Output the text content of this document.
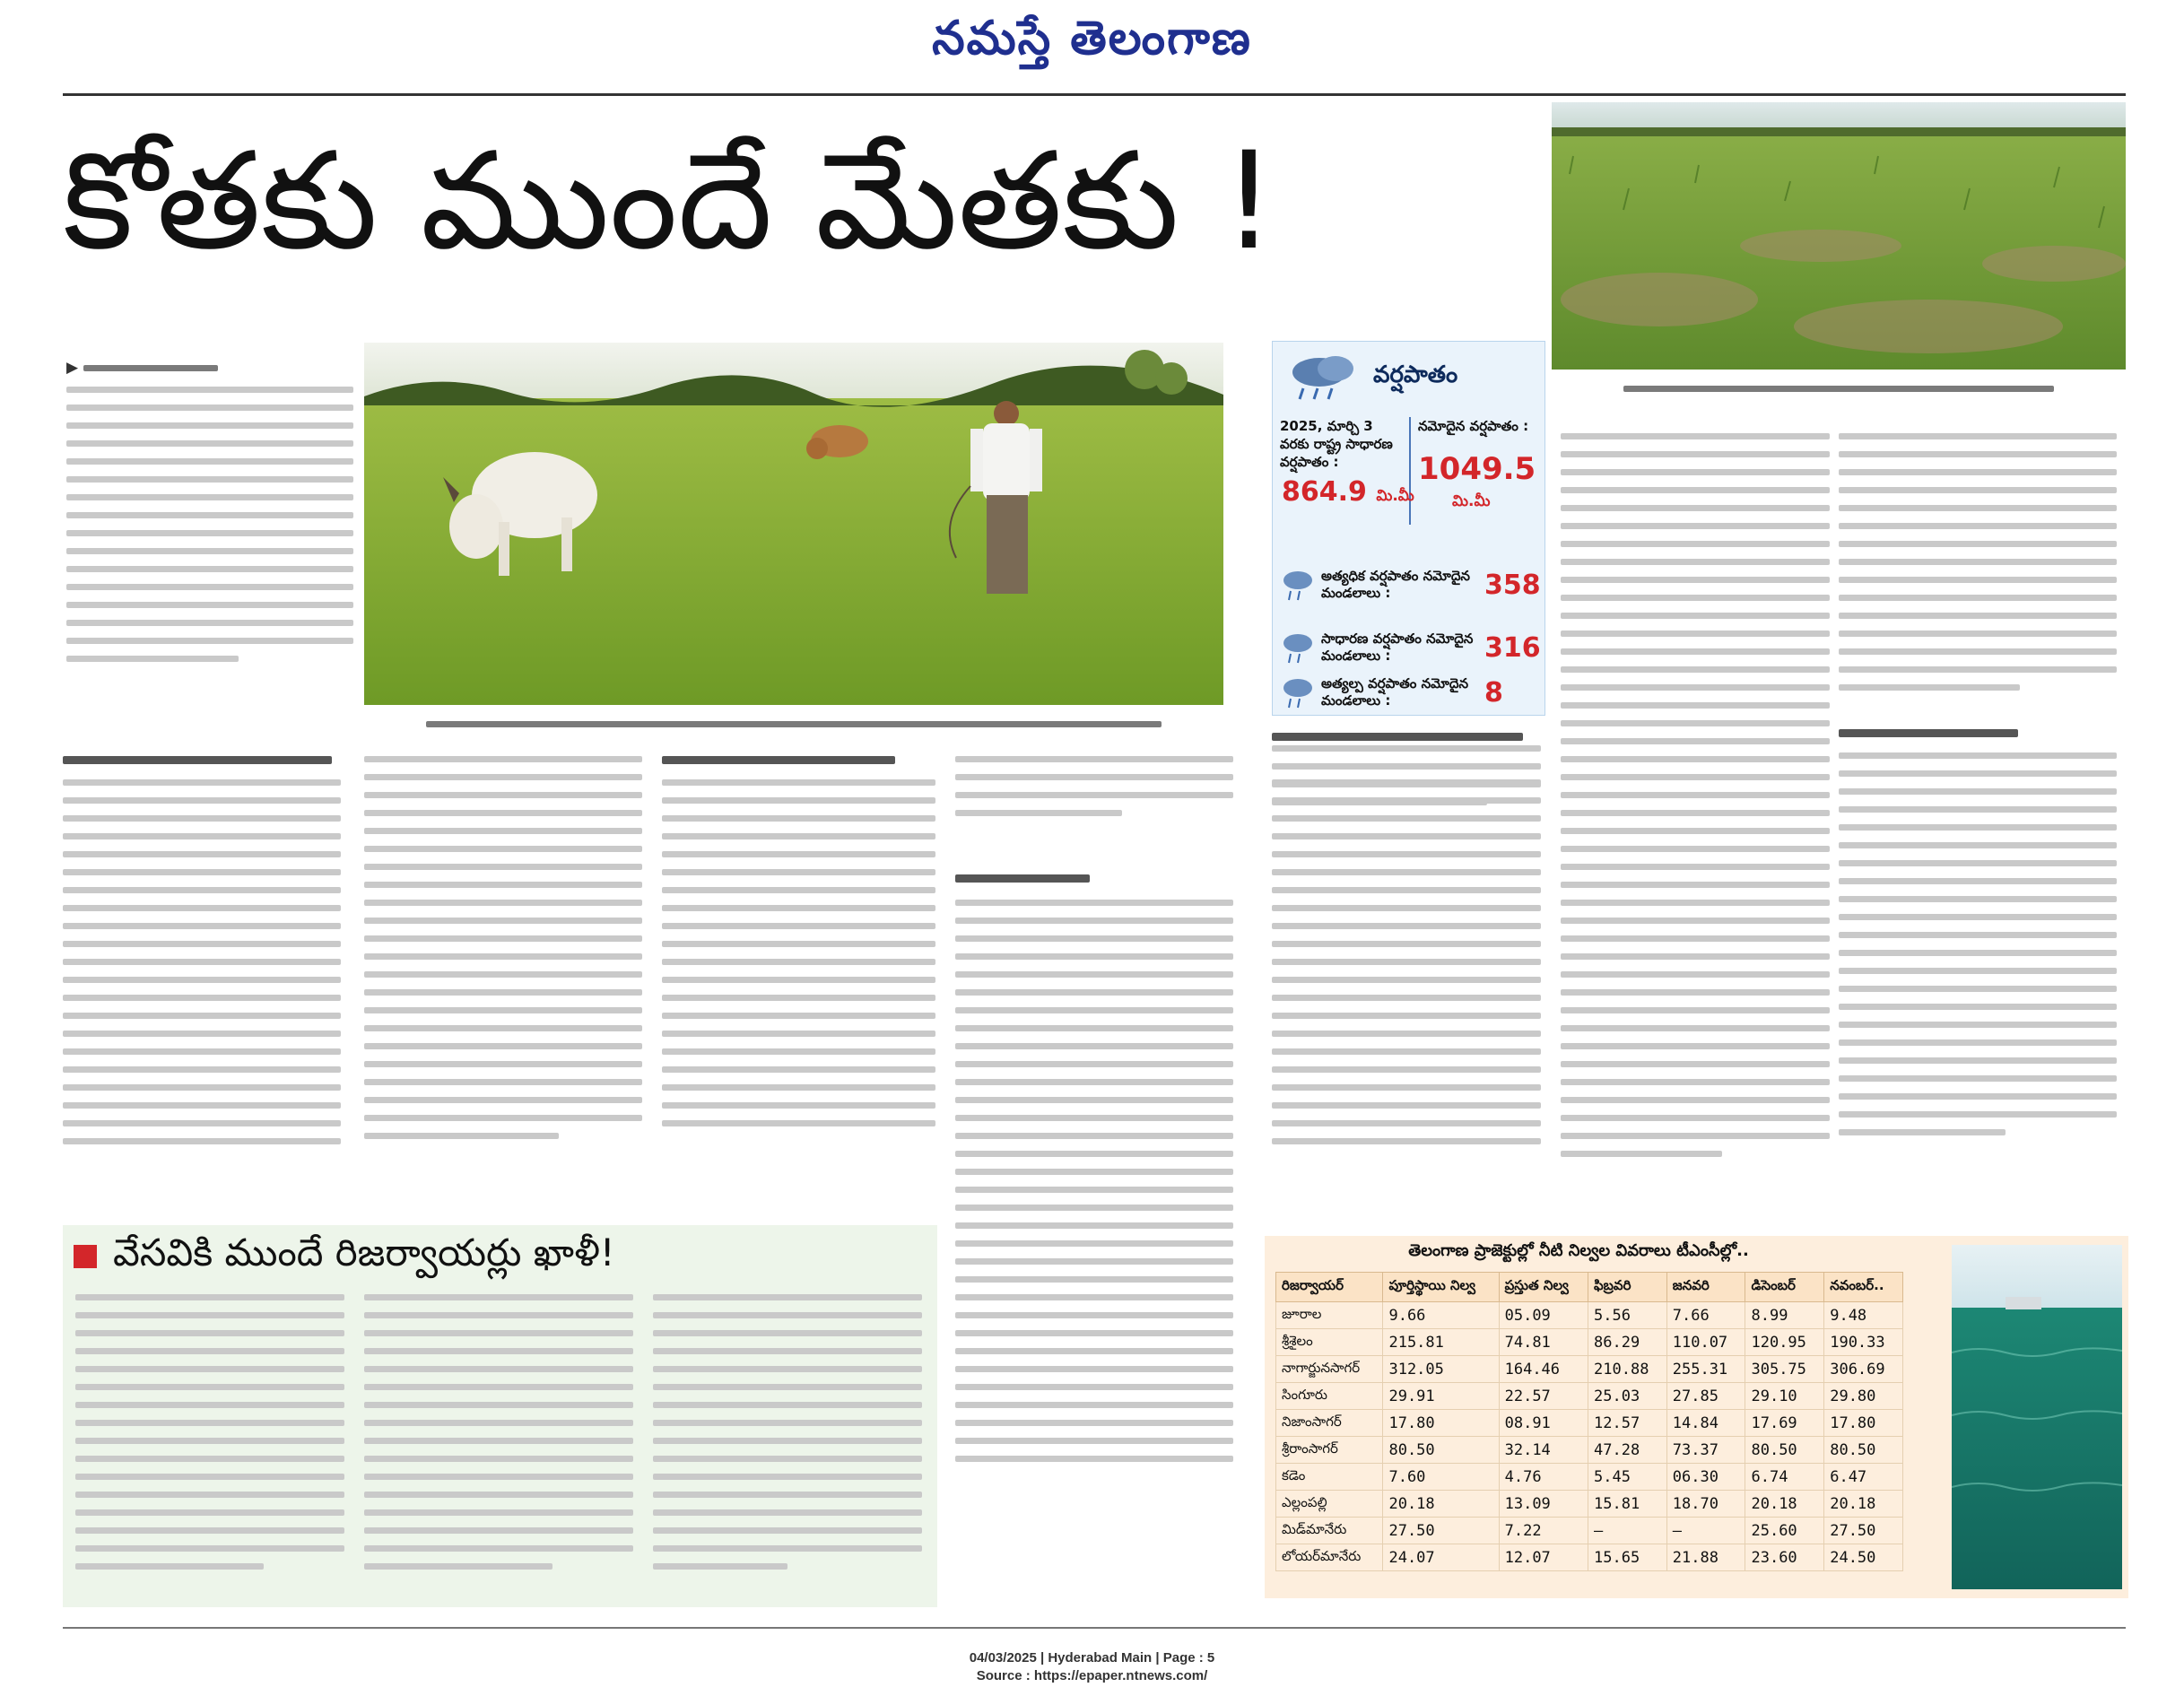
నమస్తే తెలంగాణ
కోతకు ముందే మేతకు !
వర్షపాతం
2025, మార్చి 3 వరకు రాష్ట్ర సాధారణ వర్షపాతం :
864.9 మి.మీ
నమోదైన వర్షపాతం :
1049.5
మి.మీ
అత్యధిక వర్షపాతం నమోదైన మండలాలు :	358
సాధారణ వర్షపాతం నమోదైన మండలాలు :	316
అత్యల్ప వర్షపాతం నమోదైన మండలాలు :	8
▶
వేసవికి ముందే రిజర్వాయర్లు ఖాళీ!	తెలంగాణ ప్రాజెక్టుల్లో నీటి నిల్వల వివరాలు టీఎంసీల్లో..
రిజర్వాయర్	పూర్తిస్థాయి నిల్వ	ప్రస్తుత నిల్వ	ఫిబ్రవరి	జనవరి	డిసెంబర్	నవంబర్..
జూరాల	9.66	05.09	5.56	7.66	8.99	9.48
శ్రీశైలం	215.81	74.81	86.29	110.07	120.95	190.33
నాగార్జునసాగర్	312.05	164.46	210.88	255.31	305.75	306.69
సింగూరు	29.91	22.57	25.03	27.85	29.10	29.80
నిజాంసాగర్	17.80	08.91	12.57	14.84	17.69	17.80
శ్రీరాంసాగర్	80.50	32.14	47.28	73.37	80.50	80.50
కడెం	7.60	4.76	5.45	06.30	6.74	6.47
ఎల్లంపల్లి	20.18	13.09	15.81	18.70	20.18	20.18
మిడ్‌మానేరు	27.50	7.22	–	–	25.60	27.50
లోయర్‌మానేరు	24.07	12.07	15.65	21.88	23.60	24.50
04/03/2025 | Hyderabad Main | Page : 5
Source : https://epaper.ntnews.com/
